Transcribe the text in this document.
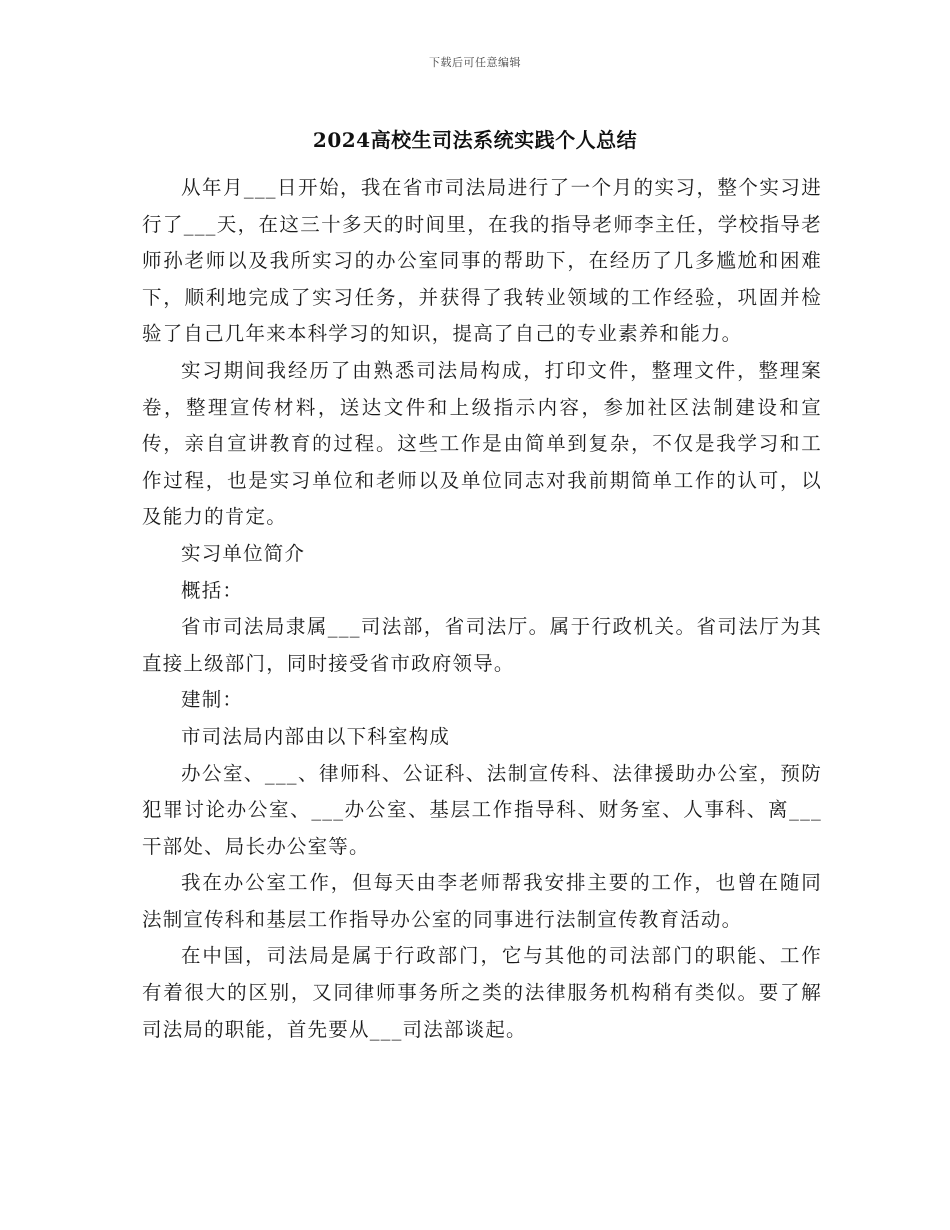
下载后可任意编辑
2024高校生司法系统实践个人总结

从年月___日开始，我在省市司法局进行了一个月的实习，整个实习进行了___天，在这三十多天的时间里，在我的指导老师李主任，学校指导老师孙老师以及我所实习的办公室同事的帮助下，在经历了几多尴尬和困难下，顺利地完成了实习任务，并获得了我转业领域的工作经验，巩固并检验了自己几年来本科学习的知识，提高了自己的专业素养和能力。

实习期间我经历了由熟悉司法局构成，打印文件，整理文件，整理案卷，整理宣传材料，送达文件和上级指示内容，参加社区法制建设和宣传，亲自宣讲教育的过程。这些工作是由简单到复杂，不仅是我学习和工作过程，也是实习单位和老师以及单位同志对我前期简单工作的认可，以及能力的肯定。

实习单位简介

概括：

省市司法局隶属___司法部，省司法厅。属于行政机关。省司法厅为其直接上级部门，同时接受省市政府领导。

建制：

市司法局内部由以下科室构成

办公室、___、律师科、公证科、法制宣传科、法律援助办公室，预防犯罪讨论办公室、___办公室、基层工作指导科、财务室、人事科、离___干部处、局长办公室等。

我在办公室工作，但每天由李老师帮我安排主要的工作，也曾在随同法制宣传科和基层工作指导办公室的同事进行法制宣传教育活动。

在中国，司法局是属于行政部门，它与其他的司法部门的职能、工作有着很大的区别，又同律师事务所之类的法律服务机构稍有类似。要了解司法局的职能，首先要从___司法部谈起。
